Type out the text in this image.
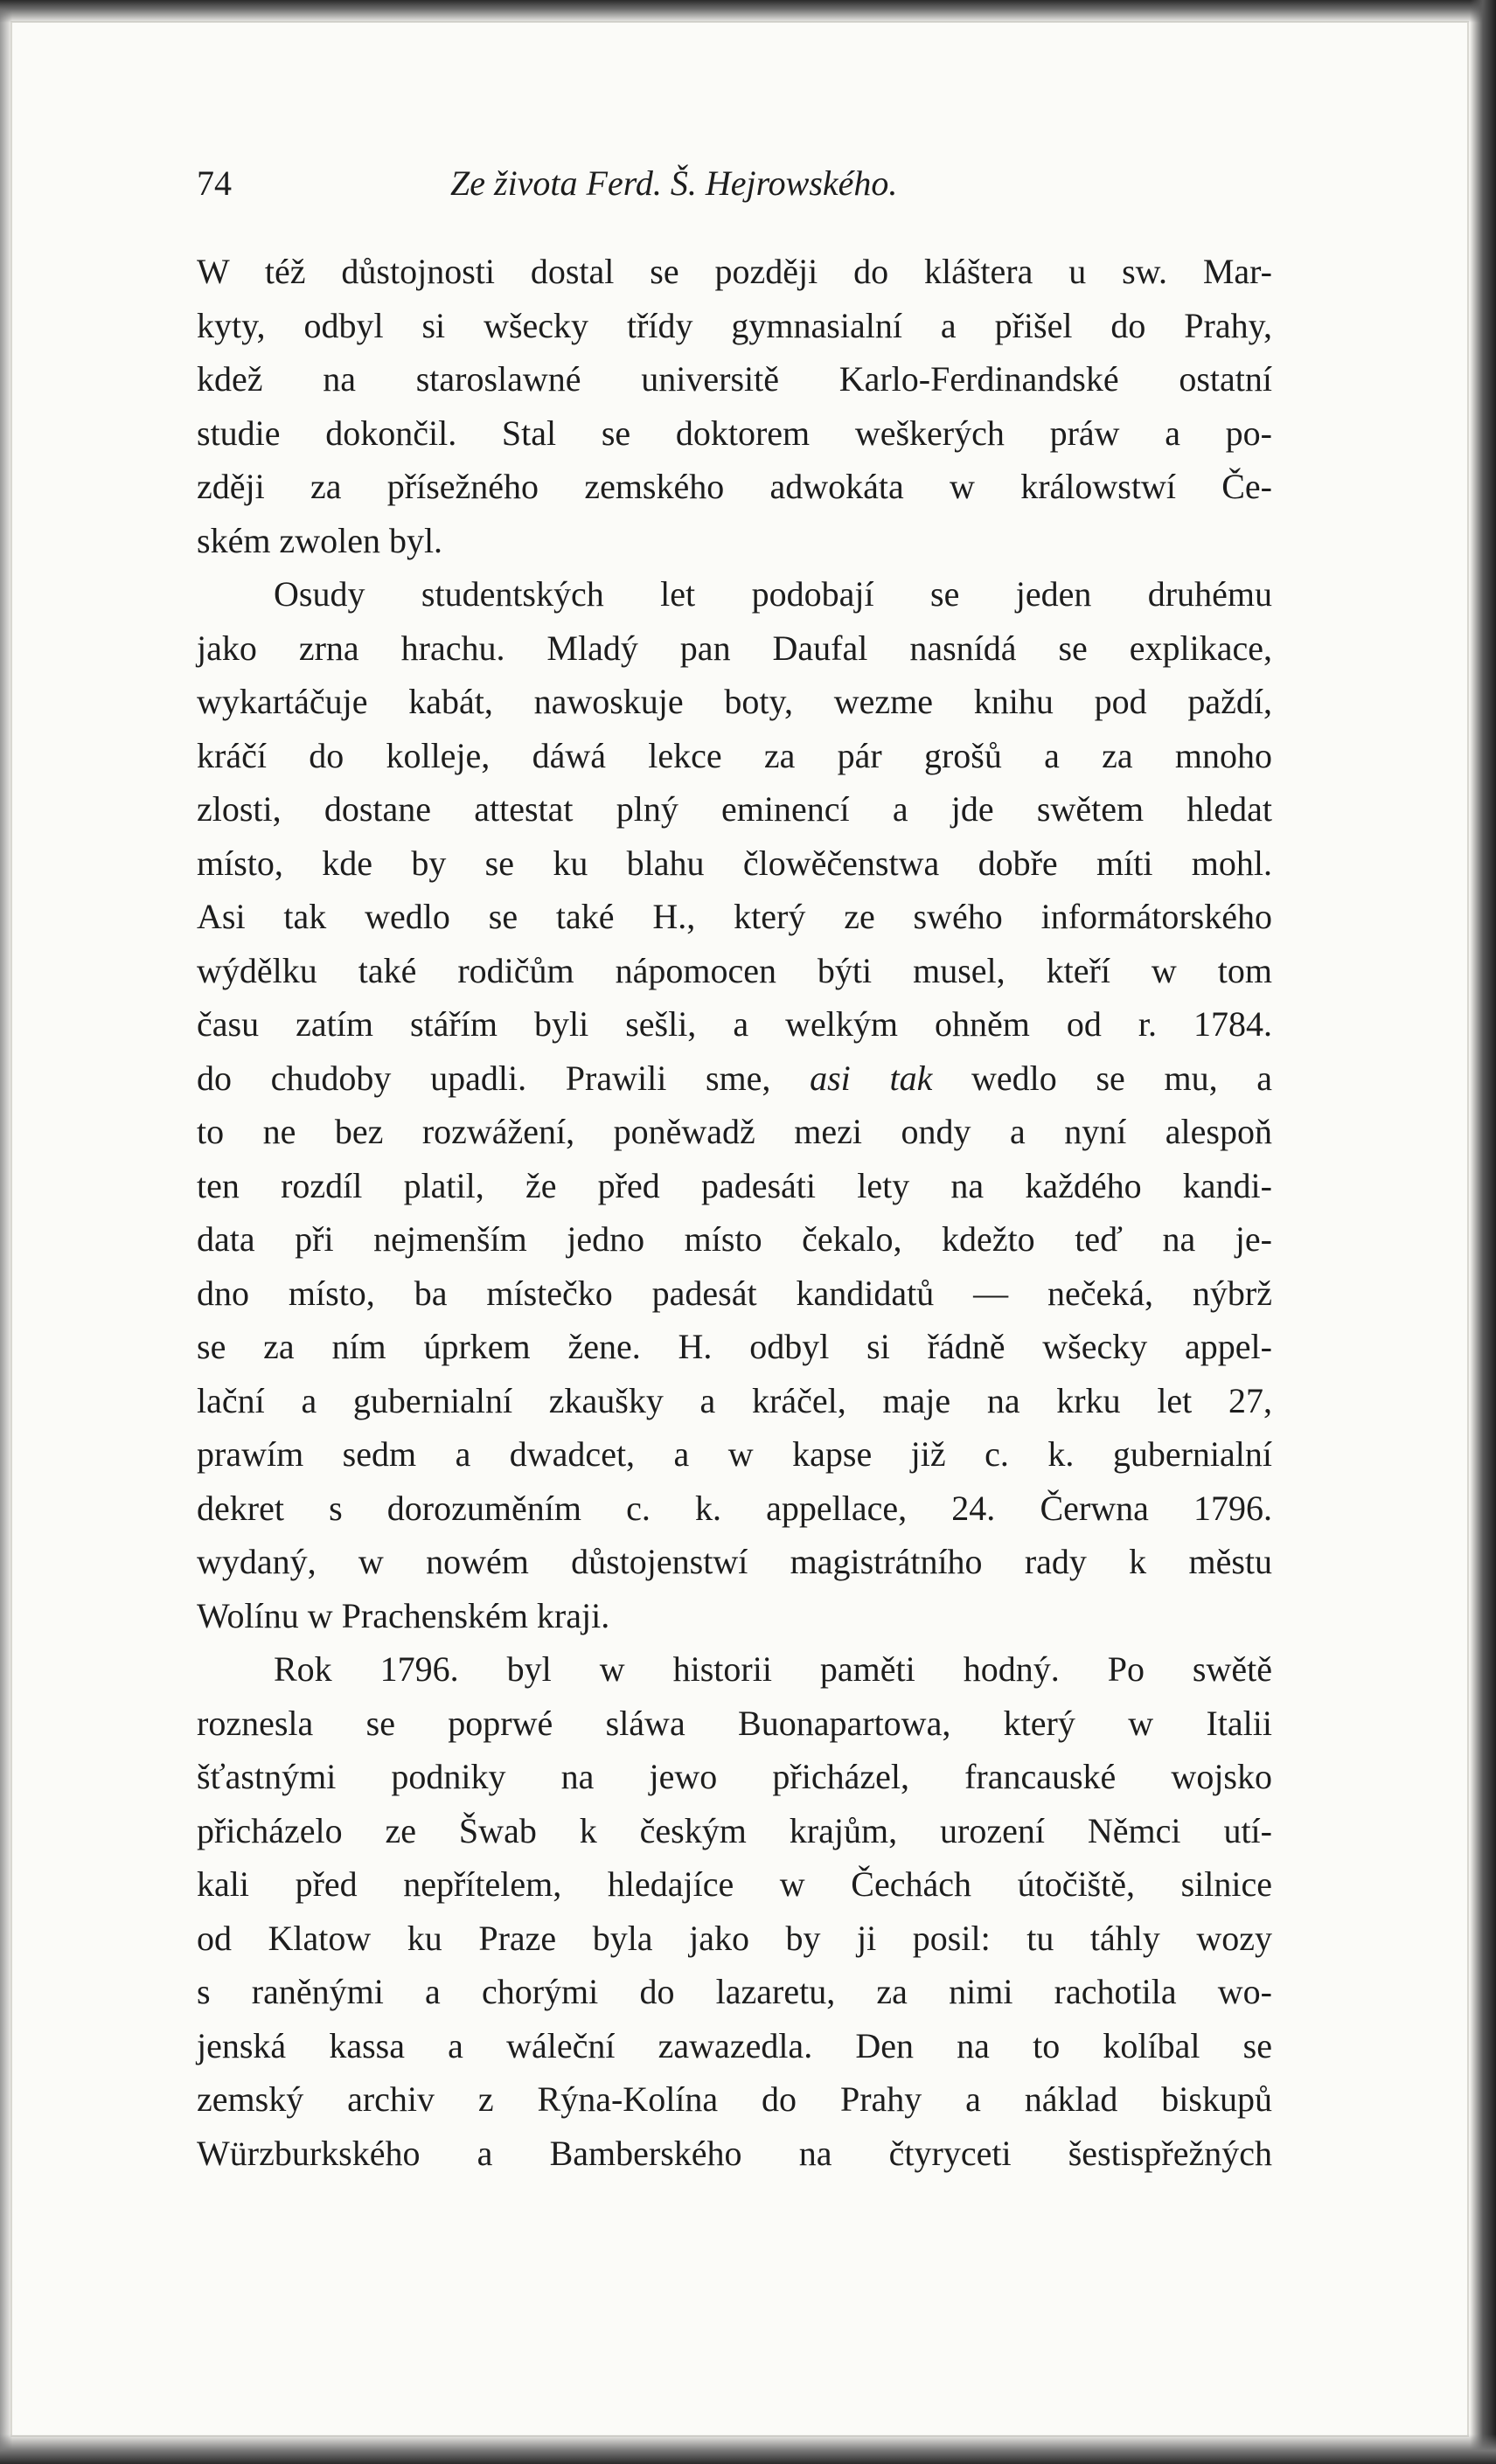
74	Ze života Ferd. Š. Hejrowského.

W též důstojnosti dostal se později do kláštera u sw. Mar-

kyty, odbyl si wšecky třídy gymnasialní a přišel do Prahy,

kdež na staroslawné universitě Karlo-Ferdinandské ostatní

studie dokončil. Stal se doktorem weškerých práw a po-

zději za přísežného zemského adwokáta w králowstwí Če-

ském zwolen byl.

Osudy studentských let podobají se jeden druhému

jako zrna hrachu. Mladý pan Daufal nasnídá se explikace,

wykartáčuje kabát, nawoskuje boty, wezme knihu pod paždí,

kráčí do kolleje, dáwá lekce za pár grošů a za mnoho

zlosti, dostane attestat plný eminencí a jde swětem hledat

místo, kde by se ku blahu člowěčenstwa dobře míti mohl.

Asi tak wedlo se také H., který ze swého informátorského

wýdělku také rodičům nápomocen býti musel, kteří w tom

času zatím stářím byli sešli, a welkým ohněm od r. 1784.

do chudoby upadli. Prawili sme, asi tak wedlo se mu, a

to ne bez rozwážení, poněwadž mezi ondy a nyní alespoň

ten rozdíl platil, že před padesáti lety na každého kandi-

data při nejmenším jedno místo čekalo, kdežto teď na je-

dno místo, ba místečko padesát kandidatů — nečeká, nýbrž

se za ním úprkem žene. H. odbyl si řádně wšecky appel-

lační a gubernialní zkaušky a kráčel, maje na krku let 27,

prawím sedm a dwadcet, a w kapse již c. k. gubernialní

dekret s dorozuměním c. k. appellace, 24. Čerwna 1796.

wydaný, w nowém důstojenstwí magistrátního rady k městu

Wolínu w Prachenském kraji.

Rok 1796. byl w historii paměti hodný. Po swětě

roznesla se poprwé sláwa Buonapartowa, který w Italii

šťastnými podniky na jewo přicházel, francauské wojsko

přicházelo ze Šwab k českým krajům, urození Němci utí-

kali před nepřítelem, hledajíce w Čechách útočiště, silnice

od Klatow ku Praze byla jako by ji posil: tu táhly wozy

s raněnými a chorými do lazaretu, za nimi rachotila wo-

jenská kassa a wáleční zawazedla. Den na to kolíbal se

zemský archiv z Rýna-Kolína do Prahy a náklad biskupů

Würzburkského a Bamberského na čtyryceti šestispřežných
